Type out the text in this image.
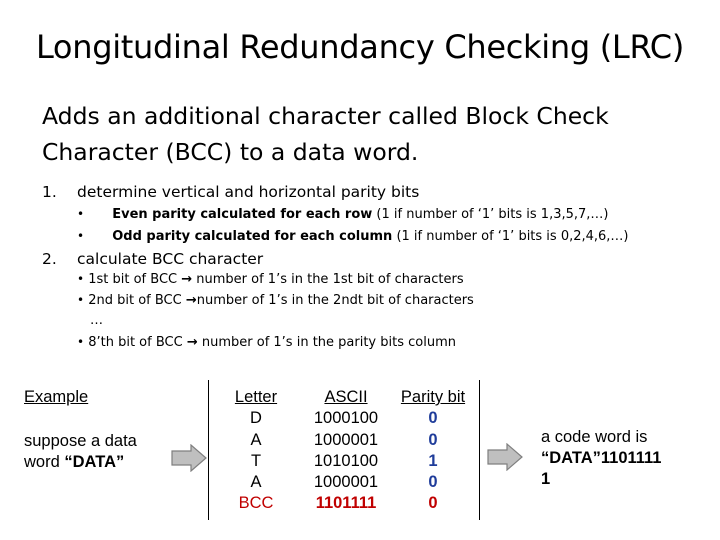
Longitudinal Redundancy Checking (LRC)
Adds an additional character called Block Check
Character (BCC) to a data word.
1. determine vertical and horizontal parity bits
• Even parity calculated for each row (1 if number of ‘1’ bits is 1,3,5,7,…)
• Odd parity calculated for each column (1 if number of ‘1’ bits is 0,2,4,6,…)
2. calculate BCC character
• 1st bit of BCC → number of 1’s in the 1st bit of characters
• 2nd bit of BCC →number of 1’s in the 2ndt bit of characters
…
• 8’th bit of BCC → number of 1’s in the parity bits column
Example
suppose a data
word “DATA”
Letter
D
A
T
A
BCC
ASCII
1000100
1000001
1010100
1000001
1101111
Parity bit
0
0
1
0
0
a code word is
“DATA”1101111
1
